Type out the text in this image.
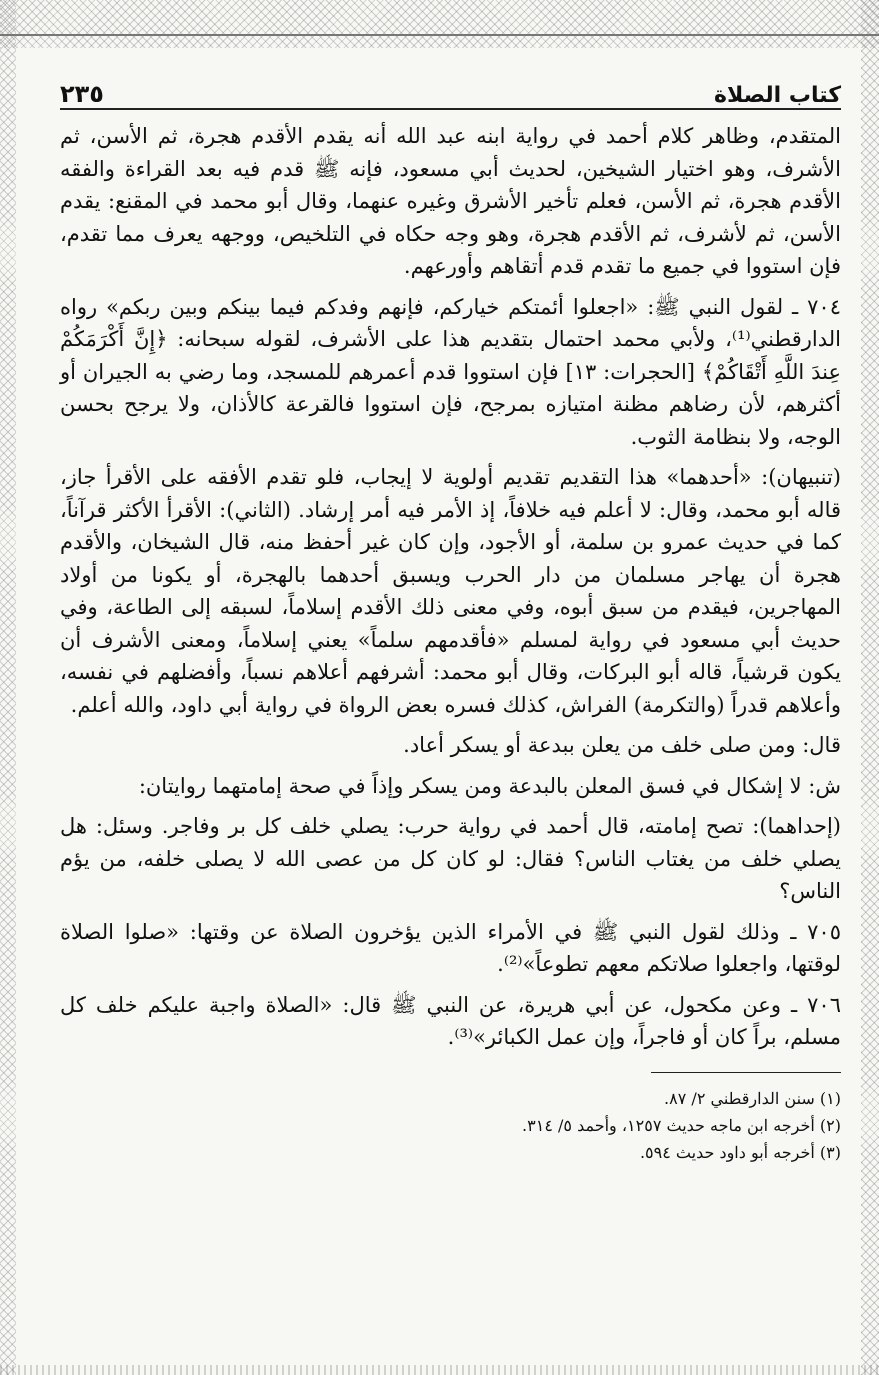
كتاب الصلاة
٢٣٥

المتقدم، وظاهر كلام أحمد في رواية ابنه عبد الله أنه يقدم الأقدم هجرة، ثم الأسن، ثم الأشرف، وهو اختيار الشيخين، لحديث أبي مسعود، فإنه ﷺ قدم فيه بعد القراءة والفقه الأقدم هجرة، ثم الأسن، فعلم تأخير الأشرق وغيره عنهما، وقال أبو محمد في المقنع: يقدم الأسن، ثم لأشرف، ثم الأقدم هجرة، وهو وجه حكاه في التلخيص، ووجهه يعرف مما تقدم، فإن استووا في جميع ما تقدم قدم أتقاهم وأورعهم.

٧٠٤ ـ لقول النبي ﷺ: «اجعلوا أئمتكم خياركم، فإنهم وفدكم فيما بينكم وبين ربكم» رواه الدارقطني⁽¹⁾، ولأبي محمد احتمال بتقديم هذا على الأشرف، لقوله سبحانه: ﴿إِنَّ أَكْرَمَكُمْ عِندَ اللَّهِ أَتْقَاكُمْ﴾ [الحجرات: ١٣] فإن استووا قدم أعمرهم للمسجد، وما رضي به الجيران أو أكثرهم، لأن رضاهم مظنة امتيازه بمرجح، فإن استووا فالقرعة كالأذان، ولا يرجح بحسن الوجه، ولا بنظامة الثوب.

(تنبيهان): «أحدهما» هذا التقديم تقديم أولوية لا إيجاب، فلو تقدم الأفقه على الأقرأ جاز، قاله أبو محمد، وقال: لا أعلم فيه خلافاً، إذ الأمر فيه أمر إرشاد. (الثاني): الأقرأ الأكثر قرآناً، كما في حديث عمرو بن سلمة، أو الأجود، وإن كان غير أحفظ منه، قال الشيخان، والأقدم هجرة أن يهاجر مسلمان من دار الحرب ويسبق أحدهما بالهجرة، أو يكونا من أولاد المهاجرين، فيقدم من سبق أبوه، وفي معنى ذلك الأقدم إسلاماً، لسبقه إلى الطاعة، وفي حديث أبي مسعود في رواية لمسلم «فأقدمهم سلماً» يعني إسلاماً، ومعنى الأشرف أن يكون قرشياً، قاله أبو البركات، وقال أبو محمد: أشرفهم أعلاهم نسباً، وأفضلهم في نفسه، وأعلاهم قدراً (والتكرمة) الفراش، كذلك فسره بعض الرواة في رواية أبي داود، والله أعلم.

قال: ومن صلى خلف من يعلن ببدعة أو يسكر أعاد.

ش: لا إشكال في فسق المعلن بالبدعة ومن يسكر وإذاً في صحة إمامتهما روايتان:

(إحداهما): تصح إمامته، قال أحمد في رواية حرب: يصلي خلف كل بر وفاجر. وسئل: هل يصلي خلف من يغتاب الناس؟ فقال: لو كان كل من عصى الله لا يصلى خلفه، من يؤم الناس؟

٧٠٥ ـ وذلك لقول النبي ﷺ في الأمراء الذين يؤخرون الصلاة عن وقتها: «صلوا الصلاة لوقتها، واجعلوا صلاتكم معهم تطوعاً»⁽²⁾.

٧٠٦ ـ وعن مكحول، عن أبي هريرة، عن النبي ﷺ قال: «الصلاة واجبة عليكم خلف كل مسلم، براً كان أو فاجراً، وإن عمل الكبائر»⁽³⁾.

(١) سنن الدارقطني ٢/ ٨٧.

(٢) أخرجه ابن ماجه حديث ١٢٥٧، وأحمد ٥/ ٣١٤.

(٣) أخرجه أبو داود حديث ٥٩٤.
